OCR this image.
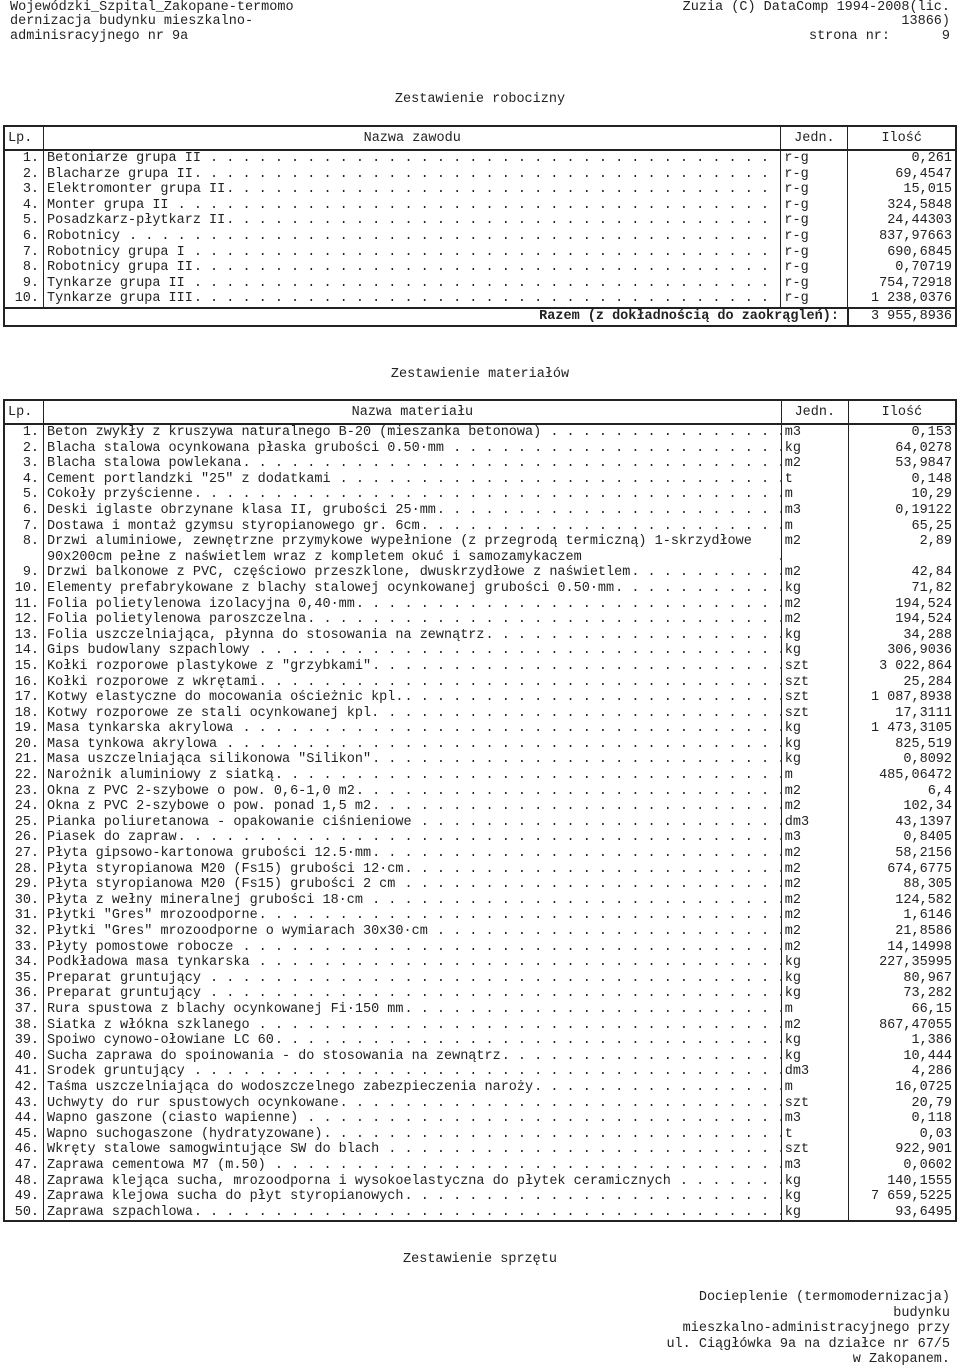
Wojewódzki_Szpital_Zakopane-termomo
dernizacja budynku mieszkalno-
adminisracyjnego nr 9a
Zuzia (C) DataComp 1994-2008(lic.
13866)
strona nr:	9
Zestawienie robocizny
Lp.	Nazwa zawodu	Jedn.	Ilość
1.	Betoniarze grupa II . . .	r-g	0,261
2.	Blacharze grupa II . . .	r-g	69,4547
3.	Elektromonter grupa II . . .	r-g	15,015
4.	Monter grupa II . . .	r-g	324,5848
5.	Posadzkarz-płytkarz II . . .	r-g	24,44303
6.	Robotnicy . . .	r-g	837,97663
7.	Robotnicy grupa I . . .	r-g	690,6845
8.	Robotnicy grupa II . . .	r-g	0,70719
9.	Tynkarze grupa II . . .	r-g	754,72918
10.	Tynkarze grupa III . . .	r-g	1 238,0376
Razem (z dokładnością do zaokrągleń):			3 955,8936
Zestawienie materiałów
Lp.	Nazwa materiału	Jedn.	Ilość
1.	Beton zwykły z kruszywa naturalnego B-20 (mieszanka betonowa) . . .	m3	0,153
2.	Blacha stalowa ocynkowana płaska grubości 0.50·mm . . .	kg	64,0278
3.	Blacha stalowa powlekana . . .	m2	53,9847
4.	Cement portlandzki "25" z dodatkami . . .	t	0,148
5.	Cokoły przyścienne . . .	m	10,29
6.	Deski iglaste obrzynane klasa II, grubości 25·mm . . .	m3	0,19122
7.	Dostawa i montaż gzymsu styropianowego gr. 6cm . . .	m	65,25
8.	Drzwi aluminiowe, zewnętrzne przymykowe wypełnione (z przegrodą termiczną) 1-skrzydłowe 90x200cm pełne z naświetlem wraz z kompletem okuć i samozamykaczem
. . .	m2	2,89
9.	Drzwi balkonowe z PVC, częściowo przeszklone, dwuskrzydłowe z naświetlem . . .	m2	42,84
10.	Elementy prefabrykowane z blachy stalowej ocynkowanej grubości 0.50·mm . . .	kg	71,82
11.	Folia polietylenowa izolacyjna 0,40·mm . . .	m2	194,524
12.	Folia polietylenowa paroszczelna . . .	m2	194,524
13.	Folia uszczelniająca, płynna do stosowania na zewnątrz . . .	kg	34,288
14.	Gips budowlany szpachlowy . . .	kg	306,9036
15.	Kołki rozporowe plastykowe z "grzybkami" . . .	szt	3 022,864
16.	Kołki rozporowe z wkrętami . . .	szt	25,284
17.	Kotwy elastyczne do mocowania ościeżnic kpl. . . .	szt	1 087,8938
18.	Kotwy rozporowe ze stali ocynkowanej kpl. . . .	szt	17,3111
19.	Masa tynkarska akrylowa . . .	kg	1 473,3105
20.	Masa tynkowa akrylowa . . .	kg	825,519
21.	Masa uszczelniająca silikonowa "Silikon" . . .	kg	0,8092
22.	Narożnik aluminiowy z siatką . . .	m	485,06472
23.	Okna z PVC 2-szybowe o pow. 0,6-1,0 m2 . . .	m2	6,4
24.	Okna z PVC 2-szybowe o pow. ponad 1,5 m2 . . .	m2	102,34
25.	Pianka poliuretanowa - opakowanie ciśnieniowe . . .	dm3	43,1397
26.	Piasek do zapraw . . .	m3	0,8405
27.	Płyta gipsowo-kartonowa grubości 12.5·mm . . .	m2	58,2156
28.	Płyta styropianowa M20 (Fs15) grubości 12·cm . . .	m2	674,6775
29.	Płyta styropianowa M20 (Fs15) grubości 2 cm . . .	m2	88,305
30.	Płyta z wełny mineralnej grubości 18·cm . . .	m2	124,582
31.	Płytki "Gres" mrozoodporne . . .	m2	1,6146
32.	Płytki "Gres" mrozoodporne o wymiarach 30x30·cm . . .	m2	21,8586
33.	Płyty pomostowe robocze . . .	m2	14,14998
34.	Podkładowa masa tynkarska . . .	kg	227,35995
35.	Preparat gruntujący . . .	kg	80,967
36.	Preparat gruntujący . . .	kg	73,282
37.	Rura spustowa z blachy ocynkowanej Fi·150 mm . . .	m	66,15
38.	Siatka z włókna szklanego . . .	m2	867,47055
39.	Spoiwo cynowo-ołowiane LC 60 . . .	kg	1,386
40.	Sucha zaprawa do spoinowania - do stosowania na zewnątrz . . .	kg	10,444
41.	Środek gruntujący . . .	dm3	4,286
42.	Taśma uszczelniająca do wodoszczelnego zabezpieczenia naroży . . .	m	16,0725
43.	Uchwyty do rur spustowych ocynkowane . . .	szt	20,79
44.	Wapno gaszone (ciasto wapienne) . . .	m3	0,118
45.	Wapno suchogaszone (hydratyzowane) . . .	t	0,03
46.	Wkręty stalowe samogwintujące SW do blach . . .	szt	922,901
47.	Zaprawa cementowa M7 (m.50) . . .	m3	0,0602
48.	Zaprawa klejąca sucha, mrozoodporna i wysokoelastyczna do płytek ceramicznych . . .	kg	140,1555
49.	Zaprawa klejowa sucha do płyt styropianowych . . .	kg	7 659,5225
50.	Zaprawa szpachlowa . . .	kg	93,6495
Zestawienie sprzętu
Docieplenie (termomodernizacja)
budynku
mieszkalno-administracyjnego przy
ul. Ciągłówka 9a na działce nr 67/5
w Zakopanem.
